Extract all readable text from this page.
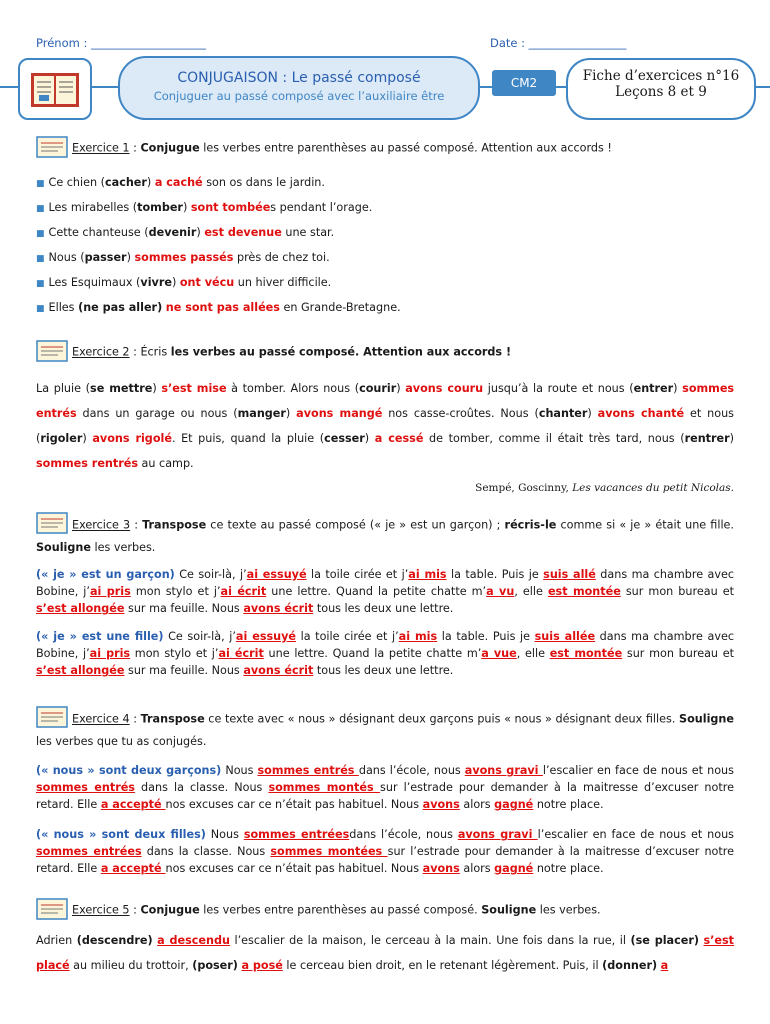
Prénom : ____________________	Date : _________________
CONJUGAISON : Le passé composé
Conjuguer au passé composé avec l’auxiliaire être
CM2	Fiche d’exercices n°16
Leçons 8 et 9
Exercice 1 : Conjugue les verbes entre parenthèses au passé composé. Attention aux accords !
■ Ce chien (cacher) a caché son os dans le jardin.
■ Les mirabelles (tomber) sont tombées pendant l’orage.
■ Cette chanteuse (devenir) est devenue une star.
■ Nous (passer) sommes passés près de chez toi.
■ Les Esquimaux (vivre) ont vécu un hiver difficile.
■ Elles (ne pas aller) ne sont pas allées en Grande-Bretagne.
Exercice 2 : Écris les verbes au passé composé. Attention aux accords !
La pluie (se mettre) s’est mise à tomber. Alors nous (courir) avons couru jusqu’à la route et nous (entrer) sommes entrés dans un garage ou nous (manger) avons mangé nos casse-croûtes. Nous (chanter) avons chanté et nous (rigoler) avons rigolé. Et puis, quand la pluie (cesser) a cessé de tomber, comme il était très tard, nous (rentrer) sommes rentrés au camp.
Sempé, Goscinny, Les vacances du petit Nicolas.
Exercice 3 : Transpose ce texte au passé composé (« je » est un garçon) ; récris-le comme si « je » était une fille. Souligne les verbes.
(« je » est un garçon) Ce soir-là, j’ai essuyé la toile cirée et j’ai mis la table. Puis je suis allé dans ma chambre avec Bobine, j’ai pris mon stylo et j’ai écrit une lettre. Quand la petite chatte m’a vu, elle est montée sur mon bureau et s’est allongée sur ma feuille. Nous avons écrit tous les deux une lettre.
(« je » est une fille) Ce soir-là, j’ai essuyé la toile cirée et j’ai mis la table. Puis je suis allée dans ma chambre avec Bobine, j’ai pris mon stylo et j’ai écrit une lettre. Quand la petite chatte m’a vue, elle est montée sur mon bureau et s’est allongée sur ma feuille. Nous avons écrit tous les deux une lettre.
Exercice 4 : Transpose ce texte avec « nous » désignant deux garçons puis « nous » désignant deux filles. Souligne les verbes que tu as conjugés.
(« nous » sont deux garçons) Nous sommes entrés dans l’école, nous avons gravi l’escalier en face de nous et nous sommes entrés dans la classe. Nous sommes montés sur l’estrade pour demander à la maitresse d’excuser notre retard. Elle a accepté nos excuses car ce n’était pas habituel. Nous avons alors gagné notre place.
(« nous » sont deux filles) Nous sommes entréesdans l’école, nous avons gravi l’escalier en face de nous et nous sommes entrées dans la classe. Nous sommes montées sur l’estrade pour demander à la maitresse d’excuser notre retard. Elle a accepté nos excuses car ce n’était pas habituel. Nous avons alors gagné notre place.
Exercice 5 : Conjugue les verbes entre parenthèses au passé composé. Souligne les verbes.
Adrien (descendre) a descendu l’escalier de la maison, le cerceau à la main. Une fois dans la rue, il (se placer) s’est placé au milieu du trottoir, (poser) a posé le cerceau bien droit, en le retenant légèrement. Puis, il (donner) a
